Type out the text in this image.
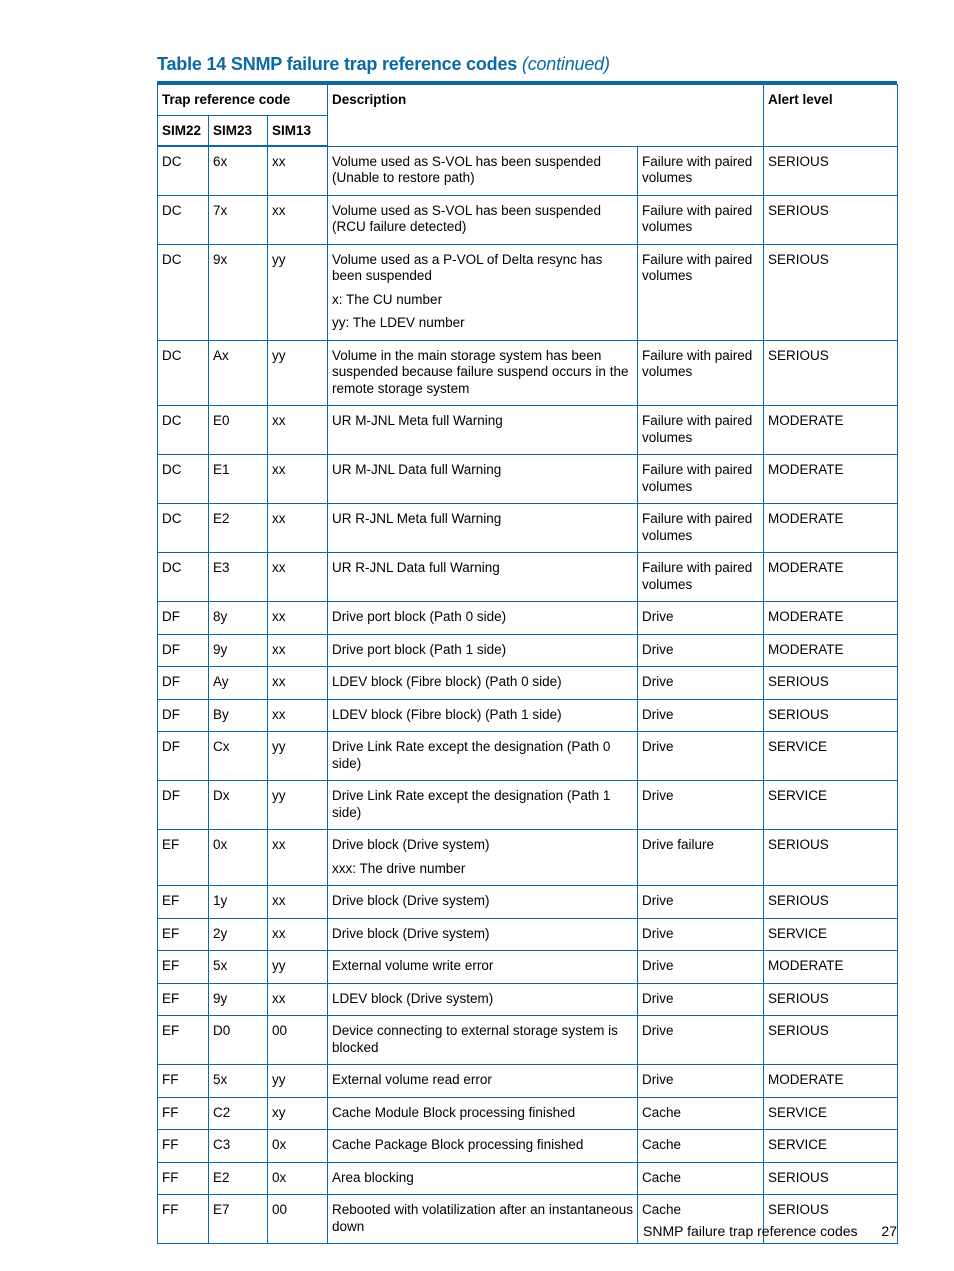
Table 14 SNMP failure trap reference codes (continued)
Trap reference code			Description		Alert level
SIM22	SIM23	SIM13			
DC	6x	xx	Volume used as S-VOL has been suspended (Unable to restore path)	Failure with paired volumes	SERIOUS
DC	7x	xx	Volume used as S-VOL has been suspended (RCU failure detected)	Failure with paired volumes	SERIOUS
DC	9x	yy	Volume used as a P-VOL of Delta resync has been suspended

x: The CU number

yy: The LDEV number	Failure with paired volumes	SERIOUS
DC	Ax	yy	Volume in the main storage system has been suspended because failure suspend occurs in the remote storage system	Failure with paired volumes	SERIOUS
DC	E0	xx	UR M-JNL Meta full Warning	Failure with paired volumes	MODERATE
DC	E1	xx	UR M-JNL Data full Warning	Failure with paired volumes	MODERATE
DC	E2	xx	UR R-JNL Meta full Warning	Failure with paired volumes	MODERATE
DC	E3	xx	UR R-JNL Data full Warning	Failure with paired volumes	MODERATE
DF	8y	xx	Drive port block (Path 0 side)	Drive	MODERATE
DF	9y	xx	Drive port block (Path 1 side)	Drive	MODERATE
DF	Ay	xx	LDEV block (Fibre block) (Path 0 side)	Drive	SERIOUS
DF	By	xx	LDEV block (Fibre block) (Path 1 side)	Drive	SERIOUS
DF	Cx	yy	Drive Link Rate except the designation (Path 0 side)	Drive	SERVICE
DF	Dx	yy	Drive Link Rate except the designation (Path 1 side)	Drive	SERVICE
EF	0x	xx	Drive block (Drive system)

xxx: The drive number	Drive failure	SERIOUS
EF	1y	xx	Drive block (Drive system)	Drive	SERIOUS
EF	2y	xx	Drive block (Drive system)	Drive	SERVICE
EF	5x	yy	External volume write error	Drive	MODERATE
EF	9y	xx	LDEV block (Drive system)	Drive	SERIOUS
EF	D0	00	Device connecting to external storage system is blocked	Drive	SERIOUS
FF	5x	yy	External volume read error	Drive	MODERATE
FF	C2	xy	Cache Module Block processing finished	Cache	SERVICE
FF	C3	0x	Cache Package Block processing finished	Cache	SERVICE
FF	E2	0x	Area blocking	Cache	SERIOUS
FF	E7	00	Rebooted with volatilization after an instantaneous down	Cache	SERIOUS
SNMP failure trap reference codes 27
